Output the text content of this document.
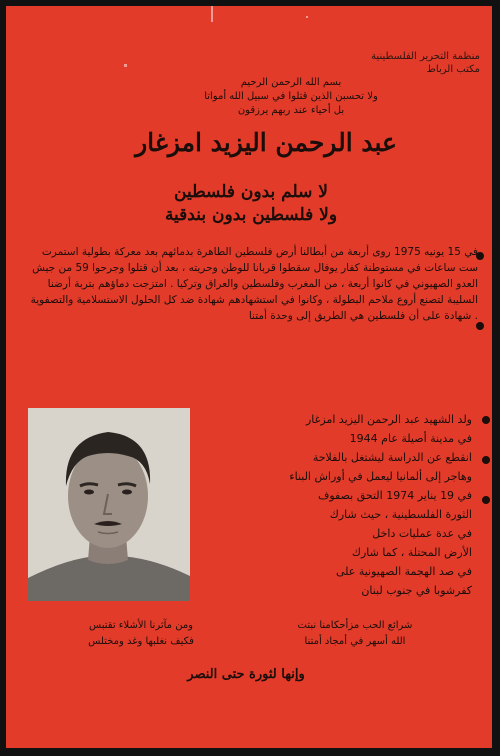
منظمة التحرير الفلسطينية
مكتب الرباط
بسم الله الرحمن الرحيم
ولا تحسبن الذين قتلوا في سبيل الله أمواتا
بل أحياء عند ربهم يرزقون
عبد الرحمن اليزيد امزغار
لا سلم بدون فلسطين
ولا فلسطين بدون بندقية
في 15 يونيه 1975 روى أربعة من أبطالنا أرض فلسطين الطاهرة بدمائهم بعد معركة بطولية استمرت ست ساعات في مستوطنة كفار يوفال سقطوا قربانا للوطن وحريته ، بعد أن قتلوا وجرحوا 59 من جيش العدو الصهيوني في كانوا أربعة ، من المغرب وفلسطين والعراق وتركيا . امتزجت دماؤهم بتربة أرضنا السليبة لتصنع أروع ملاحم البطولة ، وكانوا في استشهادهم شهادة ضد كل الحلول الاستسلامية والتصفوية . شهادة على أن فلسطين هي الطريق إلى وحدة أمتنا
ولد الشهيد عبد الرحمن اليزيد امزغار
في مدينة أصيلة عام 1944
انقطع عن الدراسة ليشتغل بالفلاحة
وهاجر إلى ألمانيا ليعمل في أوراش البناء
في 19 يناير 1974 التحق بصفوف
الثورة الفلسطينية ، حيث شارك
في عدة عمليات داخل
الأرض المحتلة ، كما شارك
في صد الهجمة الصهيونية على
كفرشوبا في جنوب لبنان
شرائع الحب مزأحكامنا نبتت
الله أسهر في أمجاد أمتنا
ومن مآثرنا الأشلاء تقتبس
فكيف نغلبها وغد ومختلس
وإنها لثورة حتى النصر
